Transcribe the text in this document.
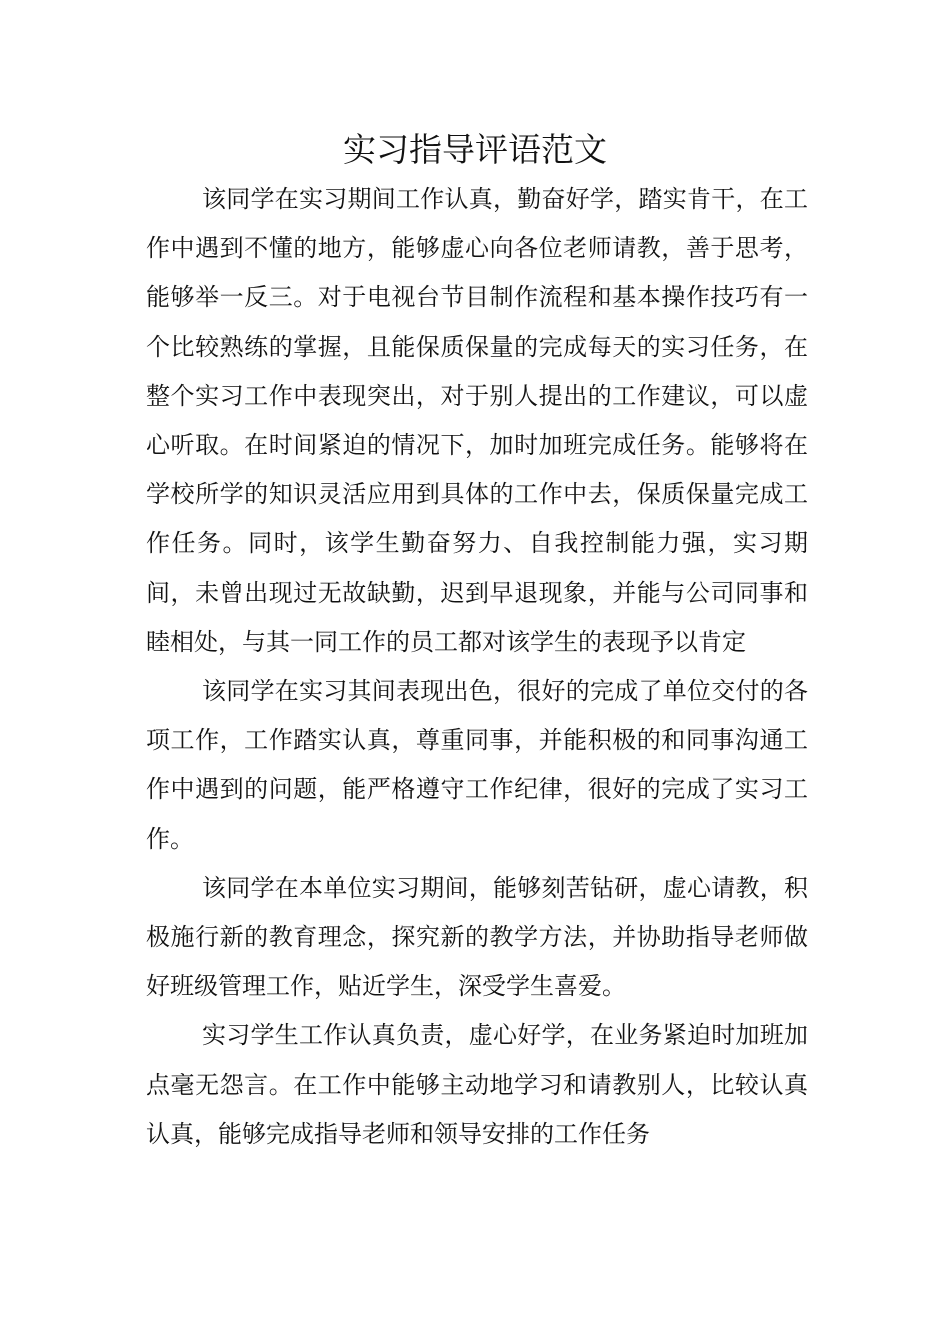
实习指导评语范文

该同学在实习期间工作认真，勤奋好学，踏实肯干，在工作中遇到不懂的地方，能够虚心向各位老师请教，善于思考，能够举一反三。对于电视台节目制作流程和基本操作技巧有一个比较熟练的掌握，且能保质保量的完成每天的实习任务，在整个实习工作中表现突出，对于别人提出的工作建议，可以虚心听取。在时间紧迫的情况下，加时加班完成任务。能够将在学校所学的知识灵活应用到具体的工作中去，保质保量完成工作任务。同时，该学生勤奋努力、自我控制能力强，实习期间，未曾出现过无故缺勤，迟到早退现象，并能与公司同事和睦相处，与其一同工作的员工都对该学生的表现予以肯定

该同学在实习其间表现出色，很好的完成了单位交付的各项工作，工作踏实认真，尊重同事，并能积极的和同事沟通工作中遇到的问题，能严格遵守工作纪律，很好的完成了实习工作。

该同学在本单位实习期间，能够刻苦钻研，虚心请教，积极施行新的教育理念，探究新的教学方法，并协助指导老师做好班级管理工作，贴近学生，深受学生喜爱。

实习学生工作认真负责，虚心好学，在业务紧迫时加班加点毫无怨言。在工作中能够主动地学习和请教别人，比较认真认真，能够完成指导老师和领导安排的工作任务
